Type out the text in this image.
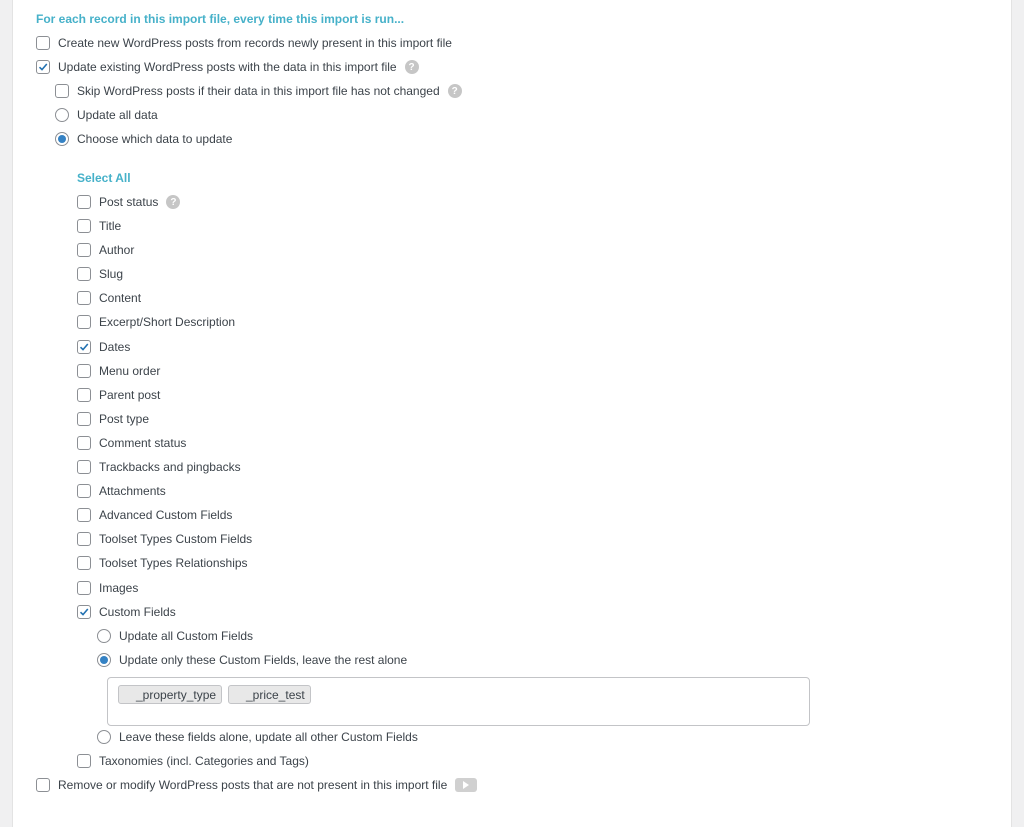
For each record in this import file, every time this import is run...
Create new WordPress posts from records newly present in this import file
Update existing WordPress posts with the data in this import file	?
Skip WordPress posts if their data in this import file has not changed	?
Update all data
Choose which data to update
Select All
Post status	?
Title
Author
Slug
Content
Excerpt/Short Description
Dates
Menu order
Parent post
Post type
Comment status
Trackbacks and pingbacks
Attachments
Advanced Custom Fields
Toolset Types Custom Fields
Toolset Types Relationships
Images
Custom Fields
Update all Custom Fields
Update only these Custom Fields, leave the rest alone
_property_type	_price_test
Leave these fields alone, update all other Custom Fields
Taxonomies (incl. Categories and Tags)
Remove or modify WordPress posts that are not present in this import file
